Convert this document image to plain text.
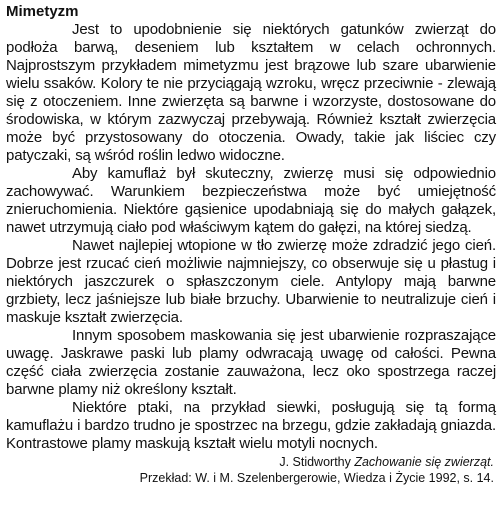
Mimetyzm

Jest to upodobnienie się niektórych gatunków zwierząt do podłoża barwą, deseniem lub kształtem w celach ochronnych. Najprostszym przykładem mimetyzmu jest brązowe lub szare ubarwienie wielu ssaków. Kolory te nie przyciągają wzroku, wręcz przeciwnie - zlewają się z otoczeniem. Inne zwierzęta są barwne i wzorzyste, dostosowane do środowiska, w którym zazwyczaj przebywają. Również kształt zwierzęcia może być przystosowany do otoczenia. Owady, takie jak liściec czy patyczaki, są wśród roślin ledwo widoczne.

Aby kamuflaż był skuteczny, zwierzę musi się odpowiednio zachowywać. Warunkiem bezpieczeństwa może być umiejętność znieruchomienia. Niektóre gąsienice upodabniają się do małych gałązek, nawet utrzymują ciało pod właściwym kątem do gałęzi, na której siedzą.

Nawet najlepiej wtopione w tło zwierzę może zdradzić jego cień. Dobrze jest rzucać cień możliwie najmniejszy, co obserwuje się u płastug i niektórych jaszczurek o spłaszczonym ciele. Antylopy mają barwne grzbiety, lecz jaśniejsze lub białe brzuchy. Ubarwienie to neutralizuje cień i maskuje kształt zwierzęcia.

Innym sposobem maskowania się jest ubarwienie rozpraszające uwagę. Jaskrawe paski lub plamy odwracają uwagę od całości. Pewna część ciała zwierzęcia zostanie zauważona, lecz oko spostrzega raczej barwne plamy niż określony kształt.

Niektóre ptaki, na przykład siewki, posługują się tą formą kamuflażu i bardzo trudno je spostrzec na brzegu, gdzie zakładają gniazda. Kontrastowe plamy maskują kształt wielu motyli nocnych.

J. Stidworthy Zachowanie się zwierząt.
Przekład: W. i M. Szelenbergerowie, Wiedza i Życie 1992, s. 14.
